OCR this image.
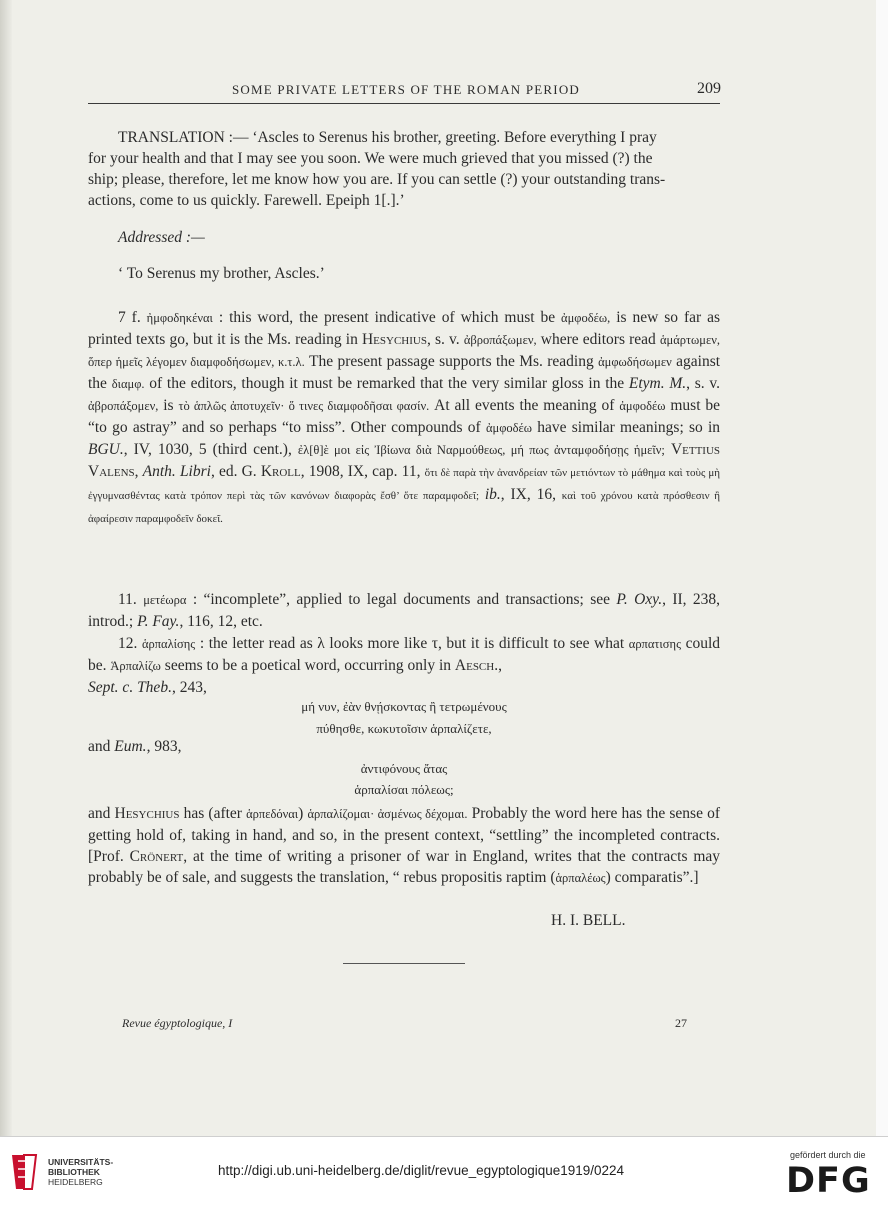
SOME PRIVATE LETTERS OF THE ROMAN PERIOD	209
TRANSLATION :— ‘Ascles to Serenus his brother, greeting. Before everything I pray
for your health and that I may see you soon. We were much grieved that you missed (?) the
ship; please, therefore, let me know how you are. If you can settle (?) your outstanding trans-
actions, come to us quickly. Farewell. Epeiph 1[.].’
Addressed :—
‘ To Serenus my brother, Ascles.’

7 f. ἠμφοδηκέναι : this word, the present indicative of which must be ἀμφοδέω, is new so far as printed texts go, but it is the Ms. reading in Hesychius, s. v. ἀβροπάξωμεν, where editors read ἁμάρτωμεν, ὅπερ ἡμεῖς λέγομεν διαμφοδήσωμεν, κ.τ.λ. The present passage supports the Ms. reading ἀμφωδήσωμεν against the διαμφ. of the editors, though it must be remarked that the very similar gloss in the Etym. M., s. v. ἀβροπάξομεν, is τὸ ἁπλῶς ἀποτυχεῖν· ὅ τινες διαμφοδῆσαι φασίν. At all events the meaning of ἀμφοδέω must be “to go astray” and so perhaps “to miss”. Other compounds of ἀμφοδέω have similar meanings; so in BGU., IV, 1030, 5 (third cent.), ἐλ[θ]ὲ μοι εἰς Ἰβίωνα διὰ Ναρμούθεως, μή πως ἀνταμφοδήσῃς ἡμεῖν; Vettius Valens, Anth. Libri, ed. G. Kroll, 1908, IX, cap. 11, ὅτι δὲ παρὰ τὴν ἀνανδρείαν τῶν μετιόντων τὸ μάθημα καὶ τοὺς μὴ ἐγγυμνασθέντας κατὰ τρόπον περὶ τὰς τῶν κανόνων διαφορὰς ἔσθ’ ὅτε παραμφοδεῖ; ib., IX, 16, καὶ τοῦ χρόνου κατὰ πρόσθεσιν ἢ ἀφαίρεσιν παραμφοδεῖν δοκεῖ.

11. μετέωρα : “incomplete”, applied to legal documents and transactions; see P. Oxy., II, 238, introd.; P. Fay., 116, 12, etc.

12. ἁρπαλίσης : the letter read as λ looks more like τ, but it is difficult to see what αρπατισης could be. Ἁρπαλίζω seems to be a poetical word, occurring only in Aesch.,
Sept. c. Theb., 243,

μή νυν, ἐὰν θνῄσκοντας ἢ τετρωμένους
πύθησθε, κωκυτοῖσιν ἁρπαλίζετε,
and Eum., 983,
ἀντιφόνους ἄτας
ἁρπαλίσαι πόλεως;

and Hesychius has (after ἁρπεδόναι) ἁρπαλίζομαι· ἀσμένως δέχομαι. Probably the word here has the sense of getting hold of, taking in hand, and so, in the present context, “settling” the incompleted contracts. [Prof. Crönert, at the time of writing a prisoner of war in England, writes that the contracts may probably be of sale, and suggests the translation, “ rebus propositis raptim (ἁρπαλέως) comparatis”.]

H. I. BELL.
Revue égyptologique, I	27
UNIVERSITÄTS-
BIBLIOTHEK
HEIDELBERG
http://digi.ub.uni-heidelberg.de/diglit/revue_egyptologique1919/0224
gefördert durch die
DFG
